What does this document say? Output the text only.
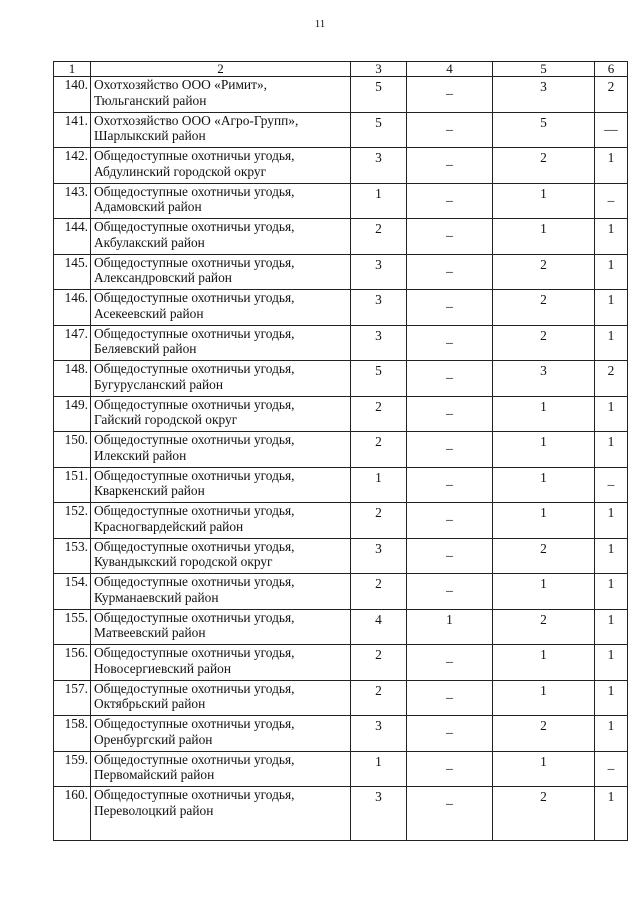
11
1	2	3	4	5	6
140.	Охотхозяйство ООО «Римит»,
Тюльганский район	5	_	3	2
141.	Охотхозяйство ООО «Агро-Групп»,
Шарлыкский район	5	_	5	__
142.	Общедоступные охотничьи угодья,
Абдулинский городской округ	3	_	2	1
143.	Общедоступные охотничьи угодья,
Адамовский район	1	_	1	_
144.	Общедоступные охотничьи угодья,
Акбулакский район	2	_	1	1
145.	Общедоступные охотничьи угодья,
Александровский район	3	_	2	1
146.	Общедоступные охотничьи угодья,
Асекеевский район	3	_	2	1
147.	Общедоступные охотничьи угодья,
Беляевский район	3	_	2	1
148.	Общедоступные охотничьи угодья,
Бугурусланский район	5	_	3	2
149.	Общедоступные охотничьи угодья,
Гайский городской округ	2	_	1	1
150.	Общедоступные охотничьи угодья,
Илекский район	2	_	1	1
151.	Общедоступные охотничьи угодья,
Кваркенский район	1	_	1	_
152.	Общедоступные охотничьи угодья,
Красногвардейский район	2	_	1	1
153.	Общедоступные охотничьи угодья,
Кувандыкский городской округ	3	_	2	1
154.	Общедоступные охотничьи угодья,
Курманаевский район	2	_	1	1
155.	Общедоступные охотничьи угодья,
Матвеевский район	4	1	2	1
156.	Общедоступные охотничьи угодья,
Новосергиевский район	2	_	1	1
157.	Общедоступные охотничьи угодья,
Октябрьский район	2	_	1	1
158.	Общедоступные охотничьи угодья,
Оренбургский район	3	_	2	1
159.	Общедоступные охотничьи угодья,
Первомайский район	1	_	1	_
160.	Общедоступные охотничьи угодья,
Переволоцкий район	3	_	2	1
